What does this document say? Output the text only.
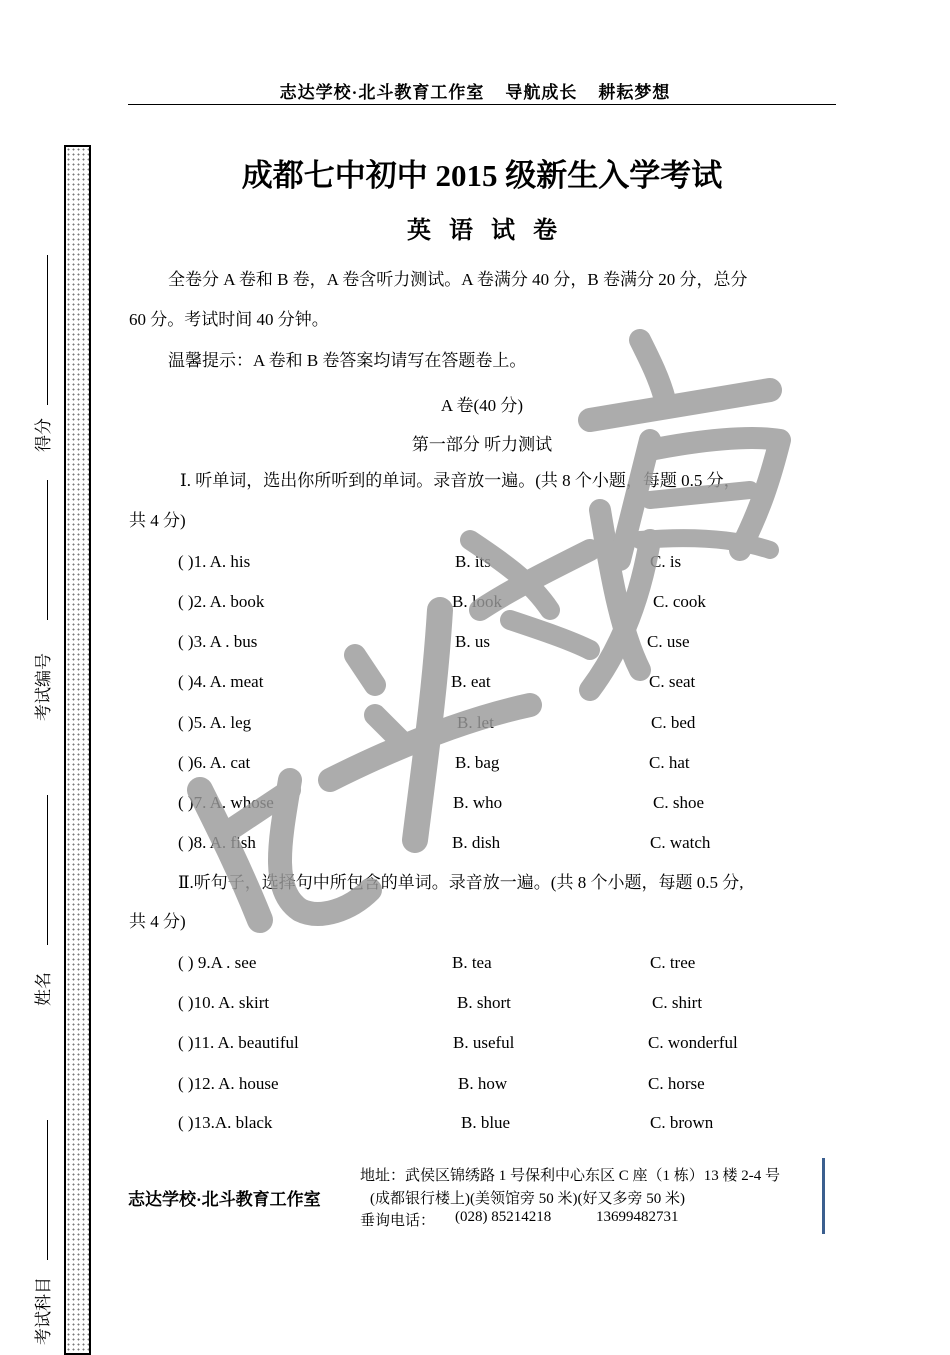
志达学校·北斗教育工作室    导航成长    耕耘梦想
得分
考试编号
姓名
考试科目
成都七中初中 2015 级新生入学考试
英语试卷
全卷分 A 卷和 B 卷，A 卷含听力测试。A 卷满分 40 分，B 卷满分 20 分，总分
60 分。考试时间 40 分钟。
温馨提示：A 卷和 B 卷答案均请写在答题卷上。
A 卷(40 分)
第一部分 听力测试
Ⅰ. 听单词，选出你所听到的单词。录音放一遍。(共 8 个小题，每题 0.5 分，
共 4 分)
( )1. A. his	B. its	C. is
( )2. A. book	B. look	C. cook
( )3. A . bus	B. us	C. use
( )4. A. meat	B. eat	C. seat
( )5. A. leg	B. let	C. bed
( )6. A. cat	B. bag	C. hat
( )7. A. whose	B. who	C. shoe
( )8. A. fish	B. dish	C. watch
Ⅱ.听句子，选择句中所包含的单词。录音放一遍。(共 8 个小题，每题 0.5 分,
共 4 分)
( ) 9.A . see	B. tea	C. tree
( )10. A. skirt	B. short	C. shirt
( )11. A. beautiful	B. useful	C. wonderful
( )12. A. house	B. how	C. horse
( )13.A. black	B. blue	C. brown
地址：武侯区锦绣路 1 号保利中心东区 C 座（1 栋）13 楼 2-4 号
志达学校·北斗教育工作室	(成都银行楼上)(美领馆旁 50 米)(好又多旁 50 米)
垂询电话： (028) 85214218	13699482731
